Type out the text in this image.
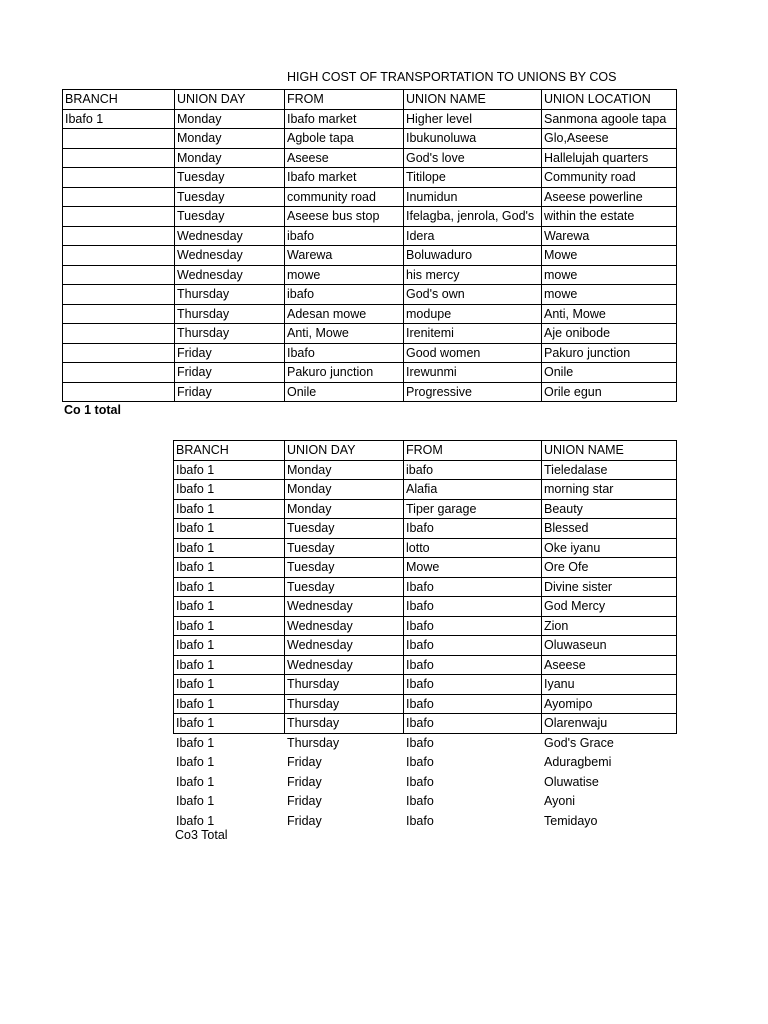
HIGH COST OF TRANSPORTATION TO UNIONS BY COS
BRANCH	UNION DAY	FROM	UNION NAME	UNION LOCATION
Ibafo 1	Monday	Ibafo market	Higher level	Sanmona agoole tapa
	Monday	Agbole tapa	Ibukunoluwa	Glo,Aseese
	Monday	Aseese	God's love	Hallelujah quarters
	Tuesday	Ibafo market	Titilope	Community road
	Tuesday	community road	Inumidun	Aseese powerline
	Tuesday	Aseese bus stop	Ifelagba, jenrola, God's	within the estate
	Wednesday	ibafo	Idera	Warewa
	Wednesday	Warewa	Boluwaduro	Mowe
	Wednesday	mowe	his mercy	mowe
	Thursday	ibafo	God's own	mowe
	Thursday	Adesan mowe	modupe	Anti, Mowe
	Thursday	Anti, Mowe	Irenitemi	Aje onibode
	Friday	Ibafo	Good women	Pakuro junction
	Friday	Pakuro junction	Irewunmi	Onile
	Friday	Onile	Progressive	Orile egun
Co 1 total
BRANCH	UNION DAY	FROM	UNION NAME
Ibafo 1	Monday	ibafo	Tieledalase
Ibafo 1	Monday	Alafia	morning star
Ibafo 1	Monday	Tiper garage	Beauty
Ibafo 1	Tuesday	Ibafo	Blessed
Ibafo 1	Tuesday	lotto	Oke iyanu
Ibafo 1	Tuesday	Mowe	Ore Ofe
Ibafo 1	Tuesday	Ibafo	Divine sister
Ibafo 1	Wednesday	Ibafo	God Mercy
Ibafo 1	Wednesday	Ibafo	Zion
Ibafo 1	Wednesday	Ibafo	Oluwaseun
Ibafo 1	Wednesday	Ibafo	Aseese
Ibafo 1	Thursday	Ibafo	Iyanu
Ibafo 1	Thursday	Ibafo	Ayomipo
Ibafo 1	Thursday	Ibafo	Olarenwaju
Ibafo 1	Thursday	Ibafo	God's Grace
Ibafo 1	Friday	Ibafo	Aduragbemi
Ibafo 1	Friday	Ibafo	Oluwatise
Ibafo 1	Friday	Ibafo	Ayoni
Ibafo 1	Friday	Ibafo	Temidayo
Co3 Total
